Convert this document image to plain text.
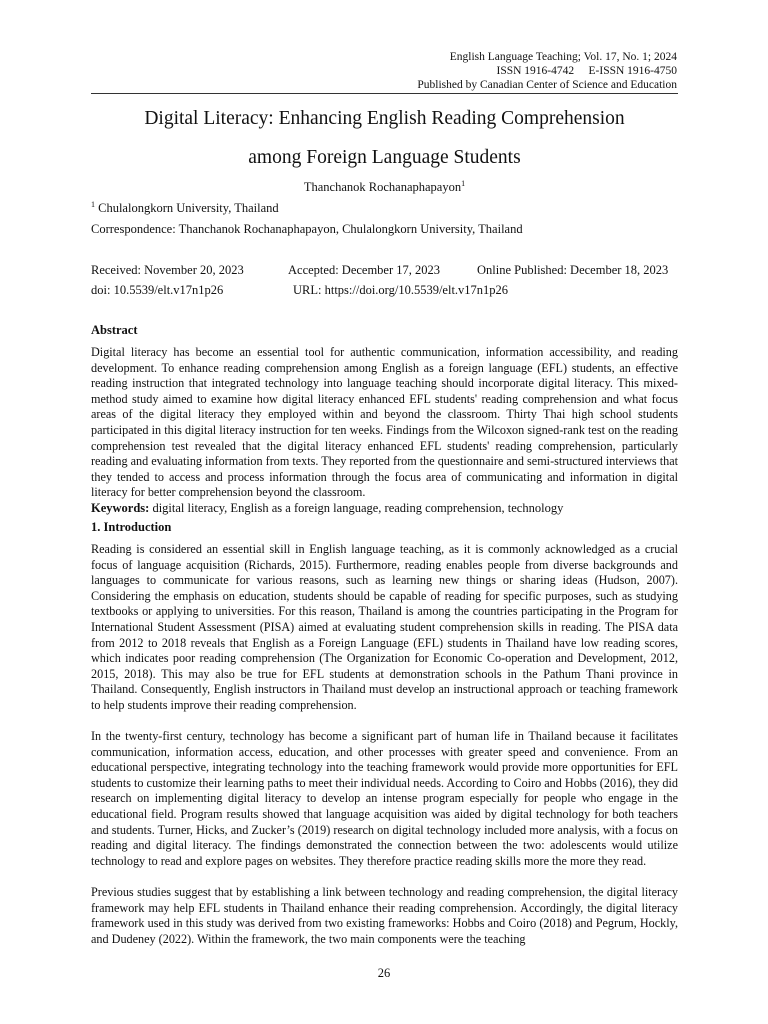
English Language Teaching; Vol. 17, No. 1; 2024
ISSN 1916-4742     E-ISSN 1916-4750
Published by Canadian Center of Science and Education
Digital Literacy: Enhancing English Reading Comprehension
among Foreign Language Students
Thanchanok Rochanaphapayon$^1$
$^1$ Chulalongkorn University, Thailand
Correspondence: Thanchanok Rochanaphapayon, Chulalongkorn University, Thailand
Received: November 20, 2023	Accepted: December 17, 2023	Online Published: December 18, 2023
doi: 10.5539/elt.v17n1p26	URL: https://doi.org/10.5539/elt.v17n1p26
Abstract
Digital literacy has become an essential tool for authentic communication, information accessibility, and reading development. To enhance reading comprehension among English as a foreign language (EFL) students, an effective reading instruction that integrated technology into language teaching should incorporate digital literacy. This mixed-method study aimed to examine how digital literacy enhanced EFL students' reading comprehension and what focus areas of the digital literacy they employed within and beyond the classroom. Thirty Thai high school students participated in this digital literacy instruction for ten weeks. Findings from the Wilcoxon signed-rank test on the reading comprehension test revealed that the digital literacy enhanced EFL students' reading comprehension, particularly reading and evaluating information from texts. They reported from the questionnaire and semi-structured interviews that they tended to access and process information through the focus area of communicating and information in digital literacy for better comprehension beyond the classroom.
Keywords: digital literacy, English as a foreign language, reading comprehension, technology
1. Introduction
Reading is considered an essential skill in English language teaching, as it is commonly acknowledged as a crucial focus of language acquisition (Richards, 2015). Furthermore, reading enables people from diverse backgrounds and languages to communicate for various reasons, such as learning new things or sharing ideas (Hudson, 2007). Considering the emphasis on education, students should be capable of reading for specific purposes, such as studying textbooks or applying to universities. For this reason, Thailand is among the countries participating in the Program for International Student Assessment (PISA) aimed at evaluating student comprehension skills in reading. The PISA data from 2012 to 2018 reveals that English as a Foreign Language (EFL) students in Thailand have low reading scores, which indicates poor reading comprehension (The Organization for Economic Co-operation and Development, 2012, 2015, 2018). This may also be true for EFL students at demonstration schools in the Pathum Thani province in Thailand. Consequently, English instructors in Thailand must develop an instructional approach or teaching framework to help students improve their reading comprehension.
In the twenty-first century, technology has become a significant part of human life in Thailand because it facilitates communication, information access, education, and other processes with greater speed and convenience. From an educational perspective, integrating technology into the teaching framework would provide more opportunities for EFL students to customize their learning paths to meet their individual needs. According to Coiro and Hobbs (2016), they did research on implementing digital literacy to develop an intense program especially for people who engage in the educational field. Program results showed that language acquisition was aided by digital technology for both teachers and students. Turner, Hicks, and Zucker’s (2019) research on digital technology included more analysis, with a focus on reading and digital literacy. The findings demonstrated the connection between the two: adolescents would utilize technology to read and explore pages on websites. They therefore practice reading skills more the more they read.
Previous studies suggest that by establishing a link between technology and reading comprehension, the digital literacy framework may help EFL students in Thailand enhance their reading comprehension. Accordingly, the digital literacy framework used in this study was derived from two existing frameworks: Hobbs and Coiro (2018) and Pegrum, Hockly, and Dudeney (2022). Within the framework, the two main components were the teaching
26
